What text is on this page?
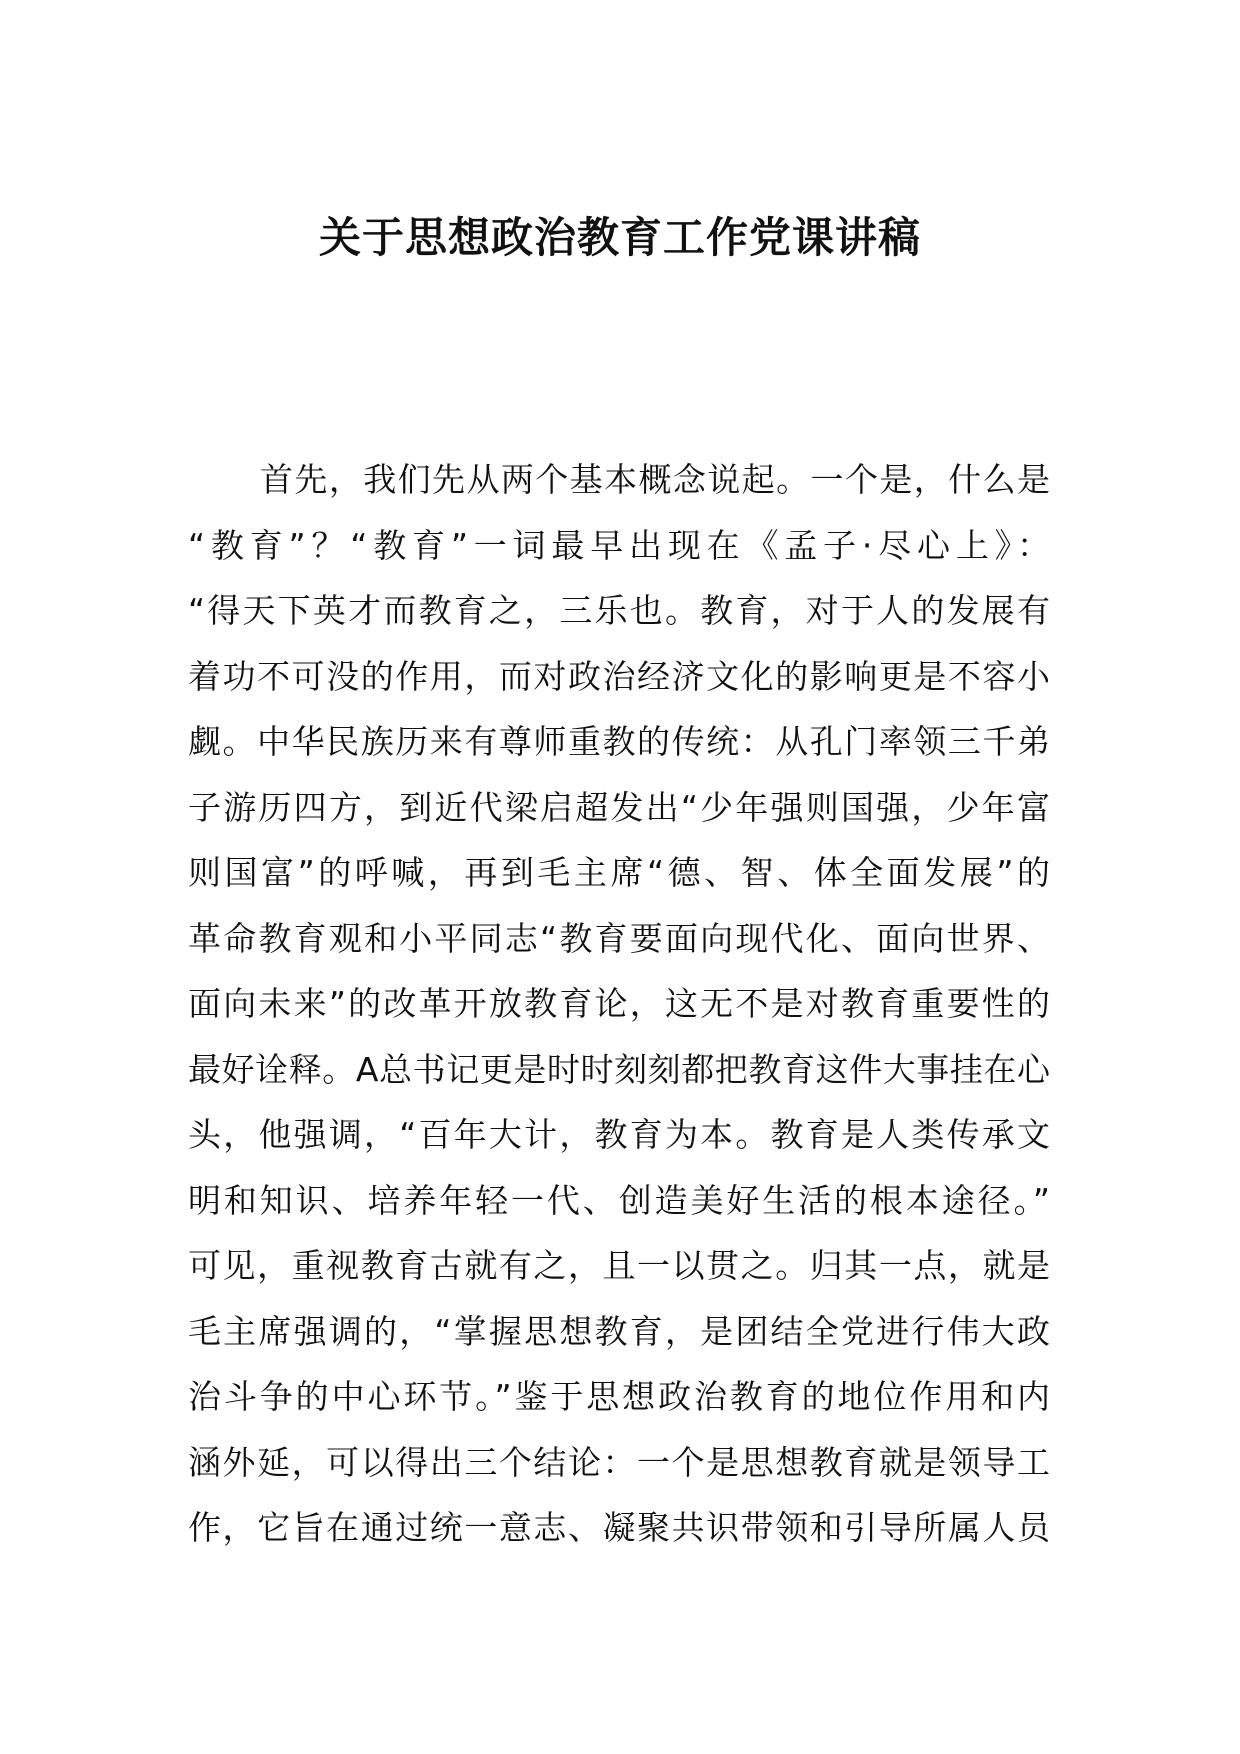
关于思想政治教育工作党课讲稿
首先，我们先从两个基本概念说起。一个是，什么是
“教育”？“教育”一词最早出现在《孟子·尽心上》：
“得天下英才而教育之，三乐也。教育，对于人的发展有
着功不可没的作用，而对政治经济文化的影响更是不容小
觑。中华民族历来有尊师重教的传统：从孔门率领三千弟
子游历四方，到近代梁启超发出“少年强则国强，少年富
则国富”的呼喊，再到毛主席“德、智、体全面发展”的
革命教育观和小平同志“教育要面向现代化、面向世界、
面向未来”的改革开放教育论，这无不是对教育重要性的
最好诠释。A总书记更是时时刻刻都把教育这件大事挂在心
头，他强调，“百年大计，教育为本。教育是人类传承文
明和知识、培养年轻一代、创造美好生活的根本途径。”
可见，重视教育古就有之，且一以贯之。归其一点，就是
毛主席强调的，“掌握思想教育，是团结全党进行伟大政
治斗争的中心环节。”鉴于思想政治教育的地位作用和内
涵外延，可以得出三个结论：一个是思想教育就是领导工
作，它旨在通过统一意志、凝聚共识带领和引导所属人员
